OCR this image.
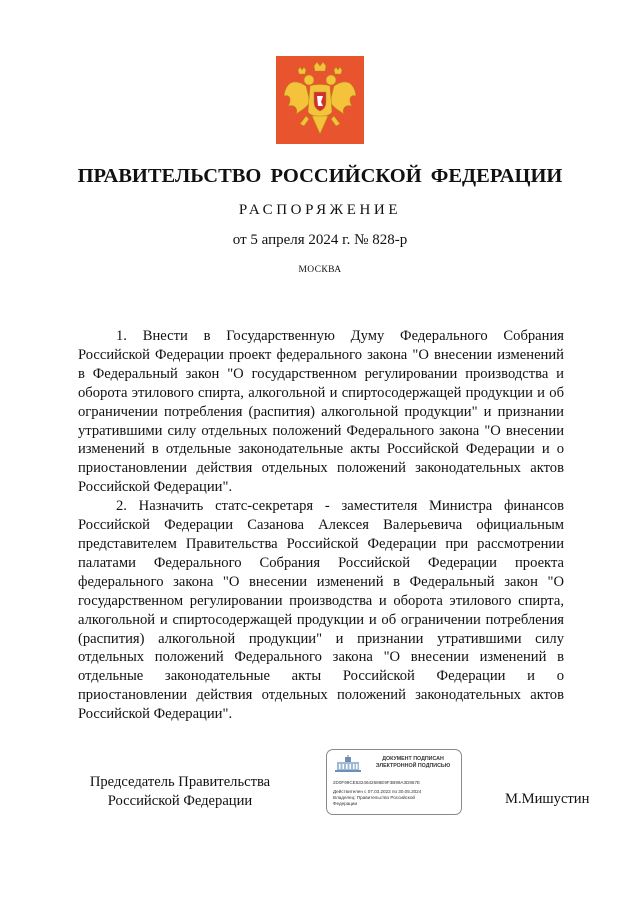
ПРАВИТЕЛЬСТВО РОССИЙСКОЙ ФЕДЕРАЦИИ
РАСПОРЯЖЕНИЕ
от 5 апреля 2024 г. № 828-р
МОСКВА

1. Внести в Государственную Думу Федерального Собрания Российской Федерации проект федерального закона "О внесении изменений в Федеральный закон "О государственном регулировании производства и оборота этилового спирта, алкогольной и спиртосодержащей продукции и об ограничении потребления (распития) алкогольной продукции" и признании утратившими силу отдельных положений Федерального закона "О внесении изменений в отдельные законодательные акты Российской Федерации и о приостановлении действия отдельных положений законодательных актов Российской Федерации".

2. Назначить статс-секретаря - заместителя Министра финансов Российской Федерации Сазанова Алексея Валерьевича официальным представителем Правительства Российской Федерации при рассмотрении палатами Федерального Собрания Российской Федерации проекта федерального закона "О внесении изменений в Федеральный закон "О государственном регулировании производства и оборота этилового спирта, алкогольной и спиртосодержащей продукции и об ограничении потребления (распития) алкогольной продукции" и признании утратившими силу отдельных положений Федерального закона "О внесении изменений в отдельные законодательные акты Российской Федерации и о приостановлении действия отдельных положений законодательных актов Российской Федерации".

Председатель Правительства
Российской Федерации
ДОКУМЕНТ ПОДПИСАН
ЭЛЕКТРОННОЙ ПОДПИСЬЮ
2D0F99CE5324642686E9F3B99A3D867E
Действителен с 07.03.2023 по 30.05.2024
Владелец: Правительство Российской
Федерации	М.Мишустин
